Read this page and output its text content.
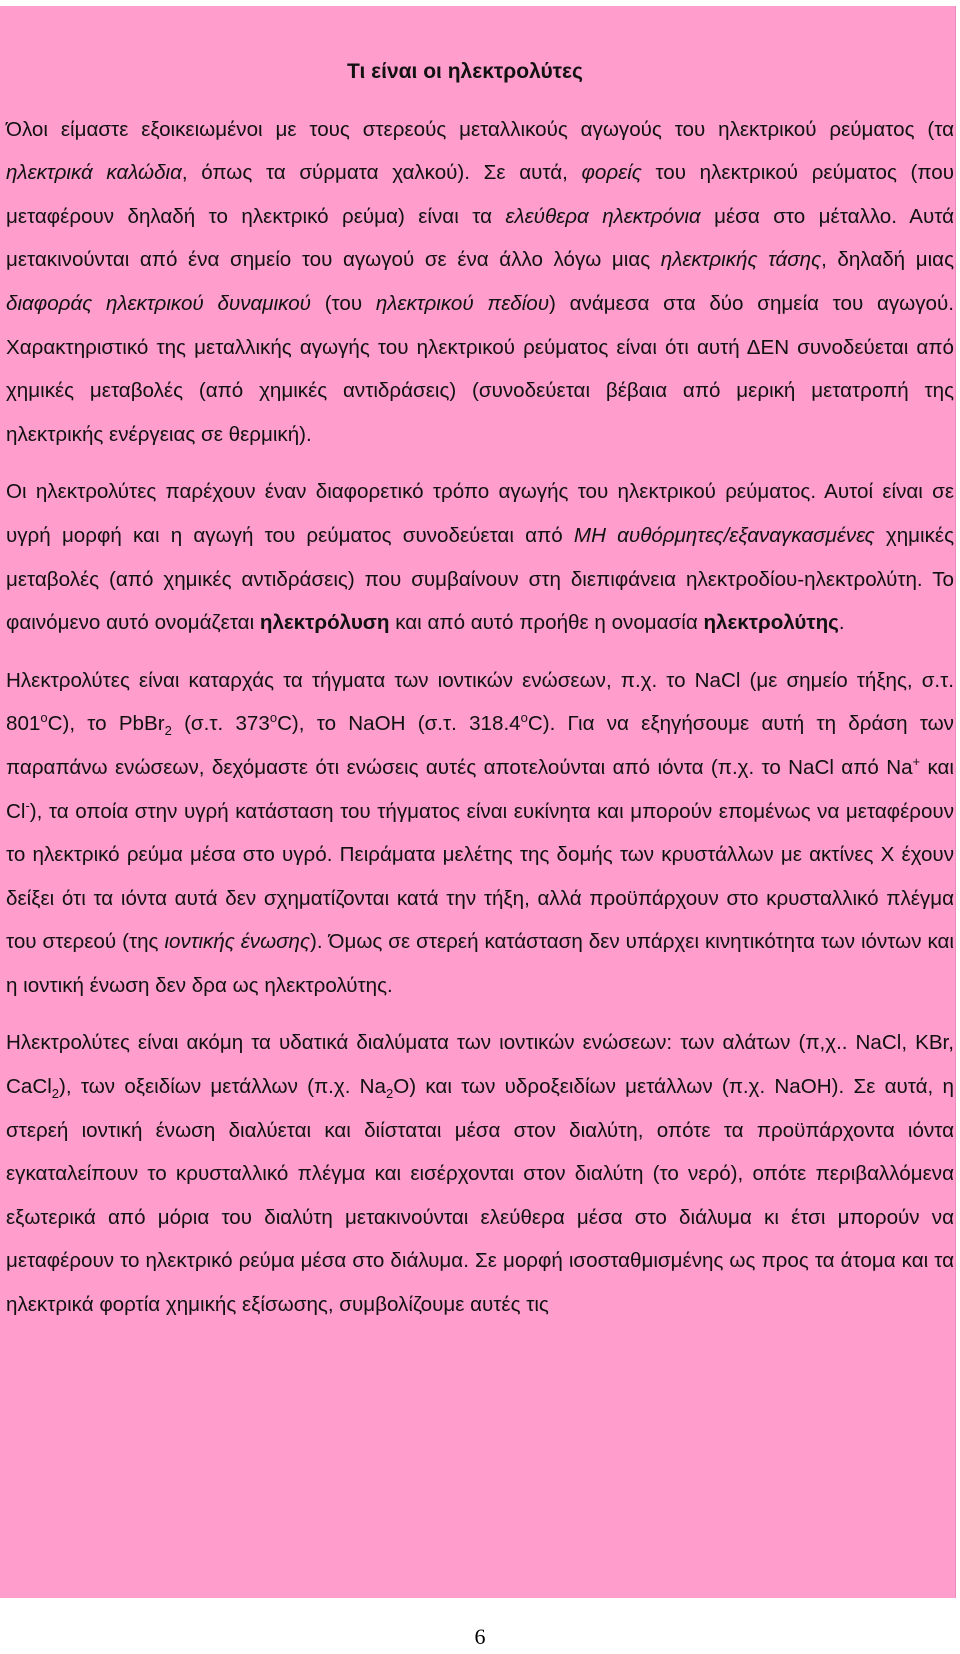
Τι είναι οι ηλεκτρολύτες

Όλοι είμαστε εξοικειωμένοι με τους στερεούς μεταλλικούς αγωγούς του ηλεκτρικού ρεύματος (τα ηλεκτρικά καλώδια, όπως τα σύρματα χαλκού). Σε αυτά, φορείς του ηλεκτρικού ρεύματος (που μεταφέρουν δηλαδή το ηλεκτρικό ρεύμα) είναι τα ελεύθερα ηλεκτρόνια μέσα στο μέταλλο. Αυτά μετακινούνται από ένα σημείο του αγωγού σε ένα άλλο λόγω μιας ηλεκτρικής τάσης, δηλαδή μιας διαφοράς ηλεκτρικού δυναμικού (του ηλεκτρικού πεδίου) ανάμεσα στα δύο σημεία του αγωγού. Χαρακτηριστικό της μεταλλικής αγωγής του ηλεκτρικού ρεύματος είναι ότι αυτή ΔΕΝ συνοδεύεται από χημικές μεταβολές (από χημικές αντιδράσεις) (συνοδεύεται βέβαια από μερική μετατροπή της ηλεκτρικής ενέργειας σε θερμική).

Οι ηλεκτρολύτες παρέχουν έναν διαφορετικό τρόπο αγωγής του ηλεκτρικού ρεύματος. Αυτοί είναι σε υγρή μορφή και η αγωγή του ρεύματος συνοδεύεται από ΜΗ αυθόρμητες/εξαναγκασμένες χημικές μεταβολές (από χημικές αντιδράσεις) που συμβαίνουν στη διεπιφάνεια ηλεκτροδίου-ηλεκτρολύτη. Το φαινόμενο αυτό ονομάζεται ηλεκτρόλυση και από αυτό προήθε η ονομασία ηλεκτρολύτης.

Ηλεκτρολύτες είναι καταρχάς τα τήγματα των ιοντικών ενώσεων, π.χ. το NaCl (με σημείο τήξης, σ.τ. 801$^o$C), το PbBr$_2$ (σ.τ. 373$^o$C), το NaOH (σ.τ. 318.4$^o$C). Για να εξηγήσουμε αυτή τη δράση των παραπάνω ενώσεων, δεχόμαστε ότι ενώσεις αυτές αποτελούνται από ιόντα (π.χ. το NaCl από Na+ και Cl-), τα οποία στην υγρή κατάσταση του τήγματος είναι ευκίνητα και μπορούν επομένως να μεταφέρουν το ηλεκτρικό ρεύμα μέσα στο υγρό. Πειράματα μελέτης της δομής των κρυστάλλων με ακτίνες Χ έχουν δείξει ότι τα ιόντα αυτά δεν σχηματίζονται κατά την τήξη, αλλά προϋπάρχουν στο κρυσταλλικό πλέγμα του στερεού (της ιοντικής ένωσης). Όμως σε στερεή κατάσταση δεν υπάρχει κινητικότητα των ιόντων και η ιοντική ένωση δεν δρα ως ηλεκτρολύτης.

Ηλεκτρολύτες είναι ακόμη τα υδατικά διαλύματα των ιοντικών ενώσεων: των αλάτων (π,χ.. NaCl, KBr, CaCl$_2$), των οξειδίων μετάλλων (π.χ. $Na_2O$) και των υδροξειδίων μετάλλων (π.χ. NaOH). Σε αυτά, η στερεή ιοντική ένωση διαλύεται και διίσταται μέσα στον διαλύτη, οπότε τα προϋπάρχοντα ιόντα εγκαταλείπουν το κρυσταλλικό πλέγμα και εισέρχονται στον διαλύτη (το νερό), οπότε περιβαλλόμενα εξωτερικά από μόρια του διαλύτη μετακινούνται ελεύθερα μέσα στο διάλυμα κι έτσι μπορούν να μεταφέρουν το ηλεκτρικό ρεύμα μέσα στο διάλυμα. Σε μορφή ισοσταθμισμένης ως προς τα άτομα και τα ηλεκτρικά φορτία χημικής εξίσωσης, συμβολίζουμε αυτές τις

6
